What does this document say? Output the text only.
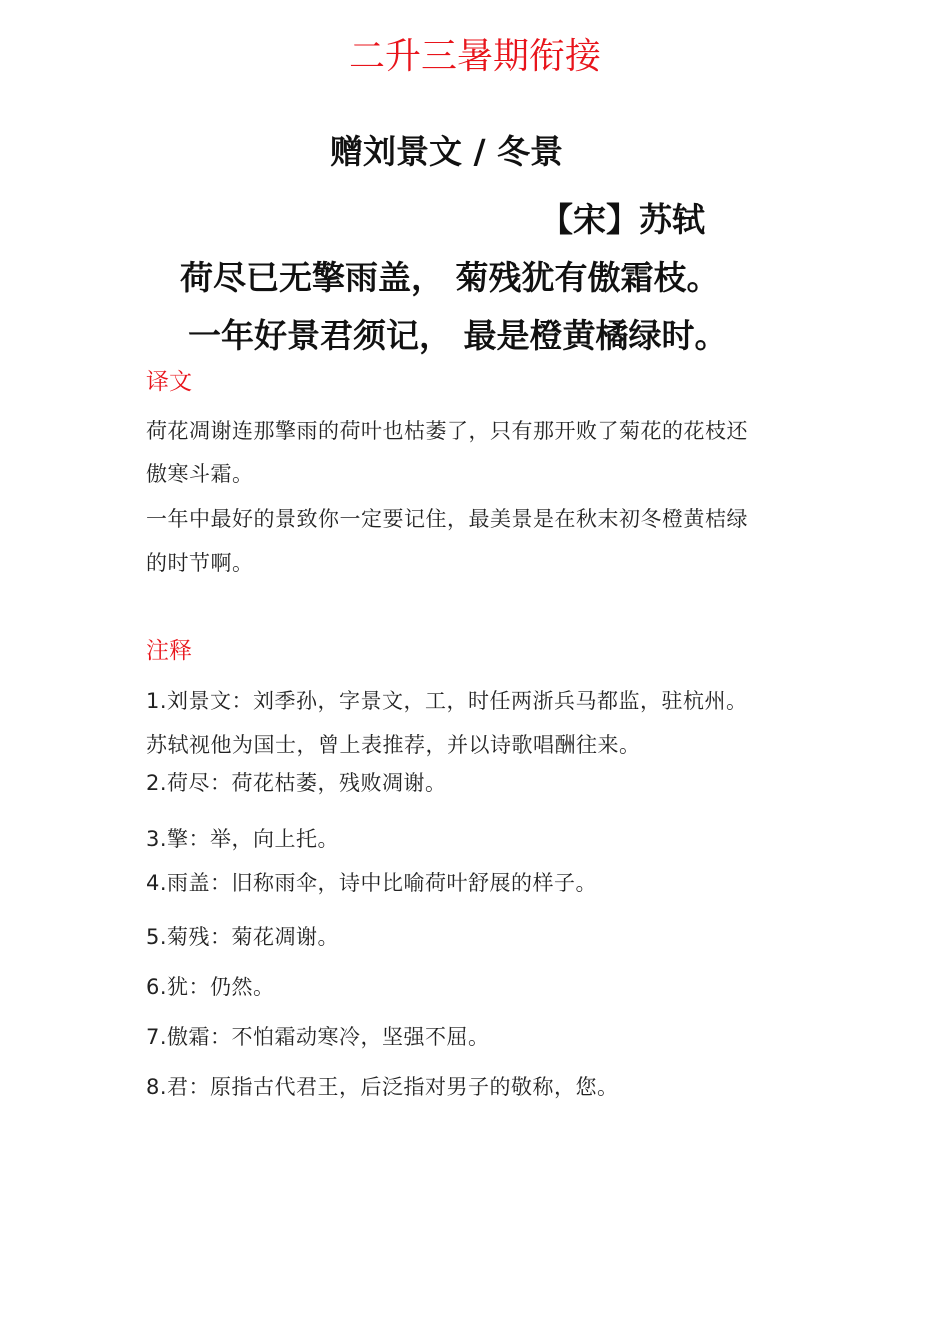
二升三暑期衔接
赠刘景文 / 冬景
【宋】苏轼
荷尽已无擎雨盖， 菊残犹有傲霜枝。
一年好景君须记， 最是橙黄橘绿时。
译文
荷花凋谢连那擎雨的荷叶也枯萎了，只有那开败了菊花的花枝还
傲寒斗霜。
一年中最好的景致你一定要记住，最美景是在秋末初冬橙黄桔绿
的时节啊。
注释
1.刘景文：刘季孙，字景文，工，时任两浙兵马都监，驻杭州。
苏轼视他为国士，曾上表推荐，并以诗歌唱酬往来。
2.荷尽：荷花枯萎，残败凋谢。
3.擎：举，向上托。
4.雨盖：旧称雨伞，诗中比喻荷叶舒展的样子。
5.菊残：菊花凋谢。
6.犹：仍然。
7.傲霜：不怕霜动寒冷，坚强不屈。
8.君：原指古代君王，后泛指对男子的敬称，您。
